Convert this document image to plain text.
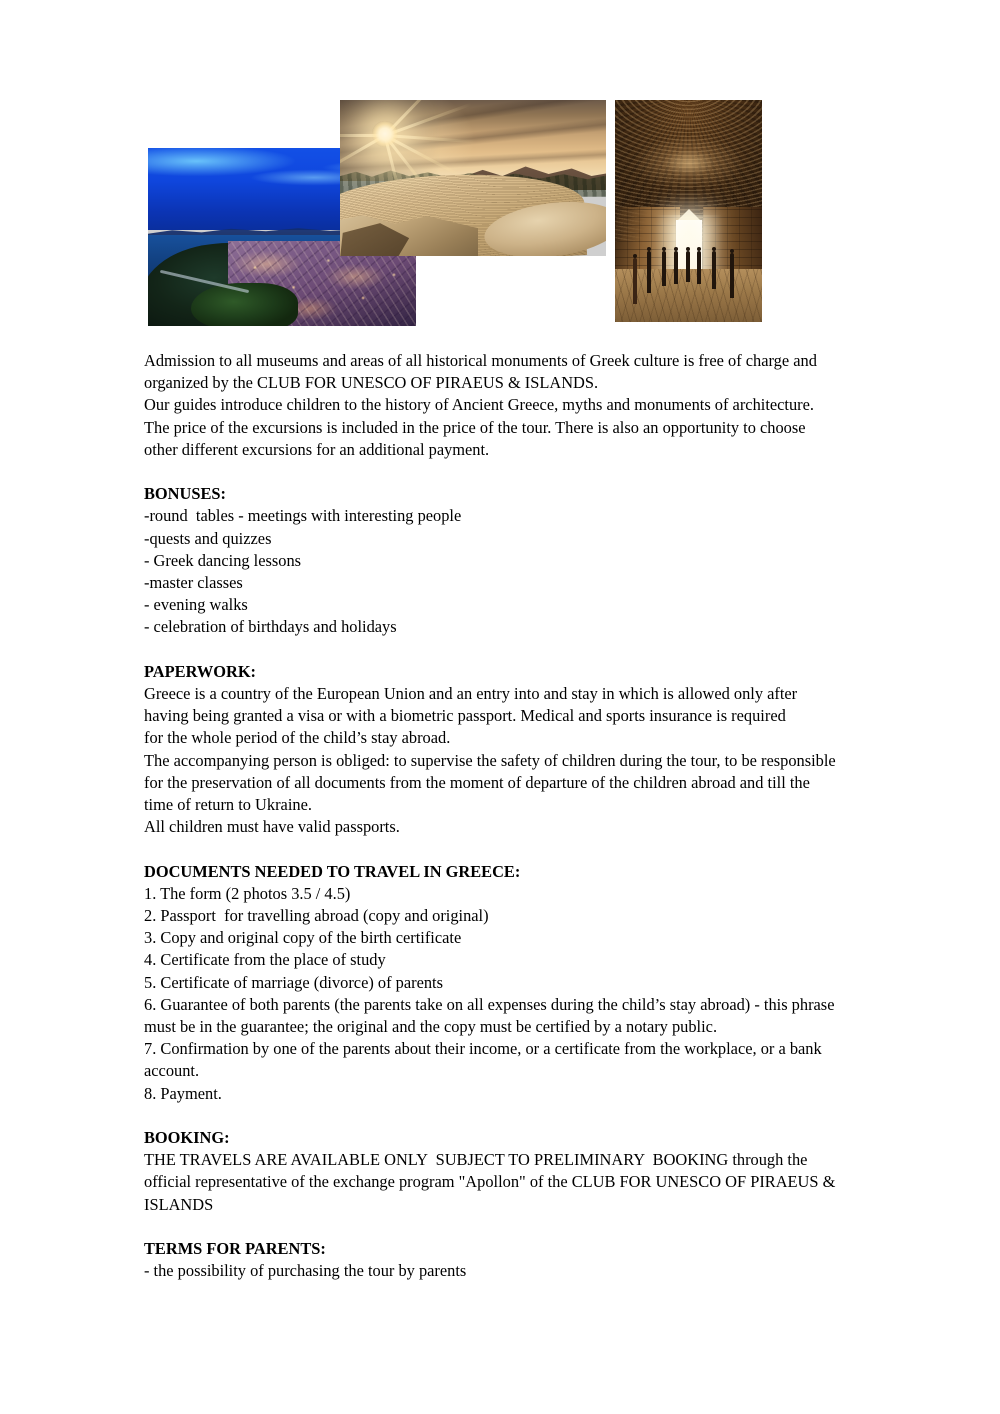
Admission to all museums and areas of all historical monuments of Greek culture is free of charge and
organized by the CLUB FOR UNESCO OF PIRAEUS & ISLANDS.
Our guides introduce children to the history of Ancient Greece, myths and monuments of architecture.
The price of the excursions is included in the price of the tour. There is also an opportunity to choose
other different excursions for an additional payment.
BONUSES:
-round  tables - meetings with interesting people
-quests and quizzes
- Greek dancing lessons
-master classes
- evening walks
- celebration of birthdays and holidays
PAPERWORK:
Greece is a country of the European Union and an entry into and stay in which is allowed only after
having being granted a visa or with a biometric passport. Medical and sports insurance is required
for the whole period of the child’s stay abroad.
The accompanying person is obliged: to supervise the safety of children during the tour, to be responsible
for the preservation of all documents from the moment of departure of the children abroad and till the
time of return to Ukraine.
All children must have valid passports.
DOCUMENTS NEEDED TO TRAVEL IN GREECE:
1. The form (2 photos 3.5 / 4.5)
2. Passport  for travelling abroad (copy and original)
3. Copy and original copy of the birth certificate
4. Certificate from the place of study
5. Certificate of marriage (divorce) of parents
6. Guarantee of both parents (the parents take on all expenses during the child’s stay abroad) - this phrase
must be in the guarantee; the original and the copy must be certified by a notary public.
7. Confirmation by one of the parents about their income, or a certificate from the workplace, or a bank
account.
8. Payment.
BOOKING:
THE TRAVELS ARE AVAILABLE ONLY  SUBJECT TO PRELIMINARY  BOOKING through the
official representative of the exchange program "Apollon" of the CLUB FOR UNESCO OF PIRAEUS &
ISLANDS
TERMS FOR PARENTS:
- the possibility of purchasing the tour by parents
